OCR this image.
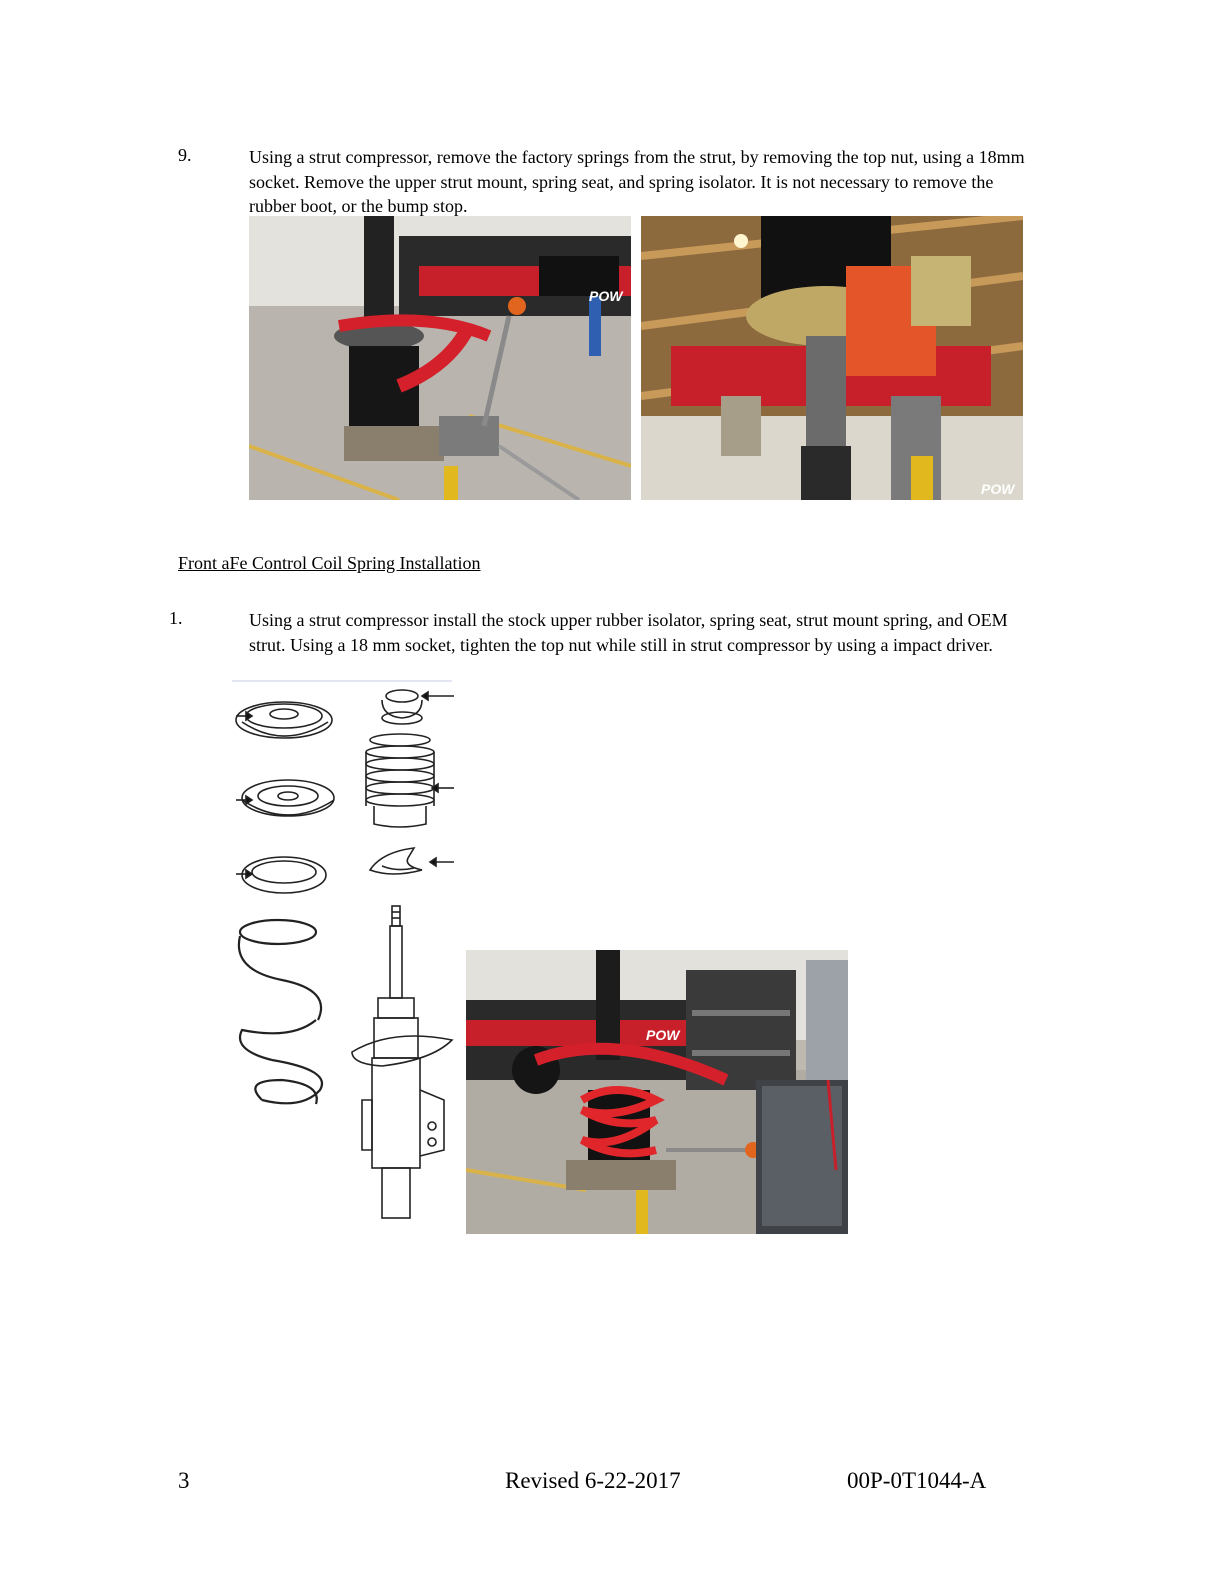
9.	Using a strut compressor, remove the factory springs from the strut, by removing the top nut, using a 18mm socket. Remove the upper strut mount, spring seat, and spring isolator. It is not necessary to remove the rubber boot, or the bump stop.
POW
POW
Front aFe Control Coil Spring Installation
1.	Using a strut compressor install the stock upper rubber isolator, spring seat, strut mount spring, and OEM strut. Using a 18 mm socket, tighten the top nut while still in strut compressor by using a impact driver.
POW
3	Revised 6-22-2017	00P-0T1044-A
